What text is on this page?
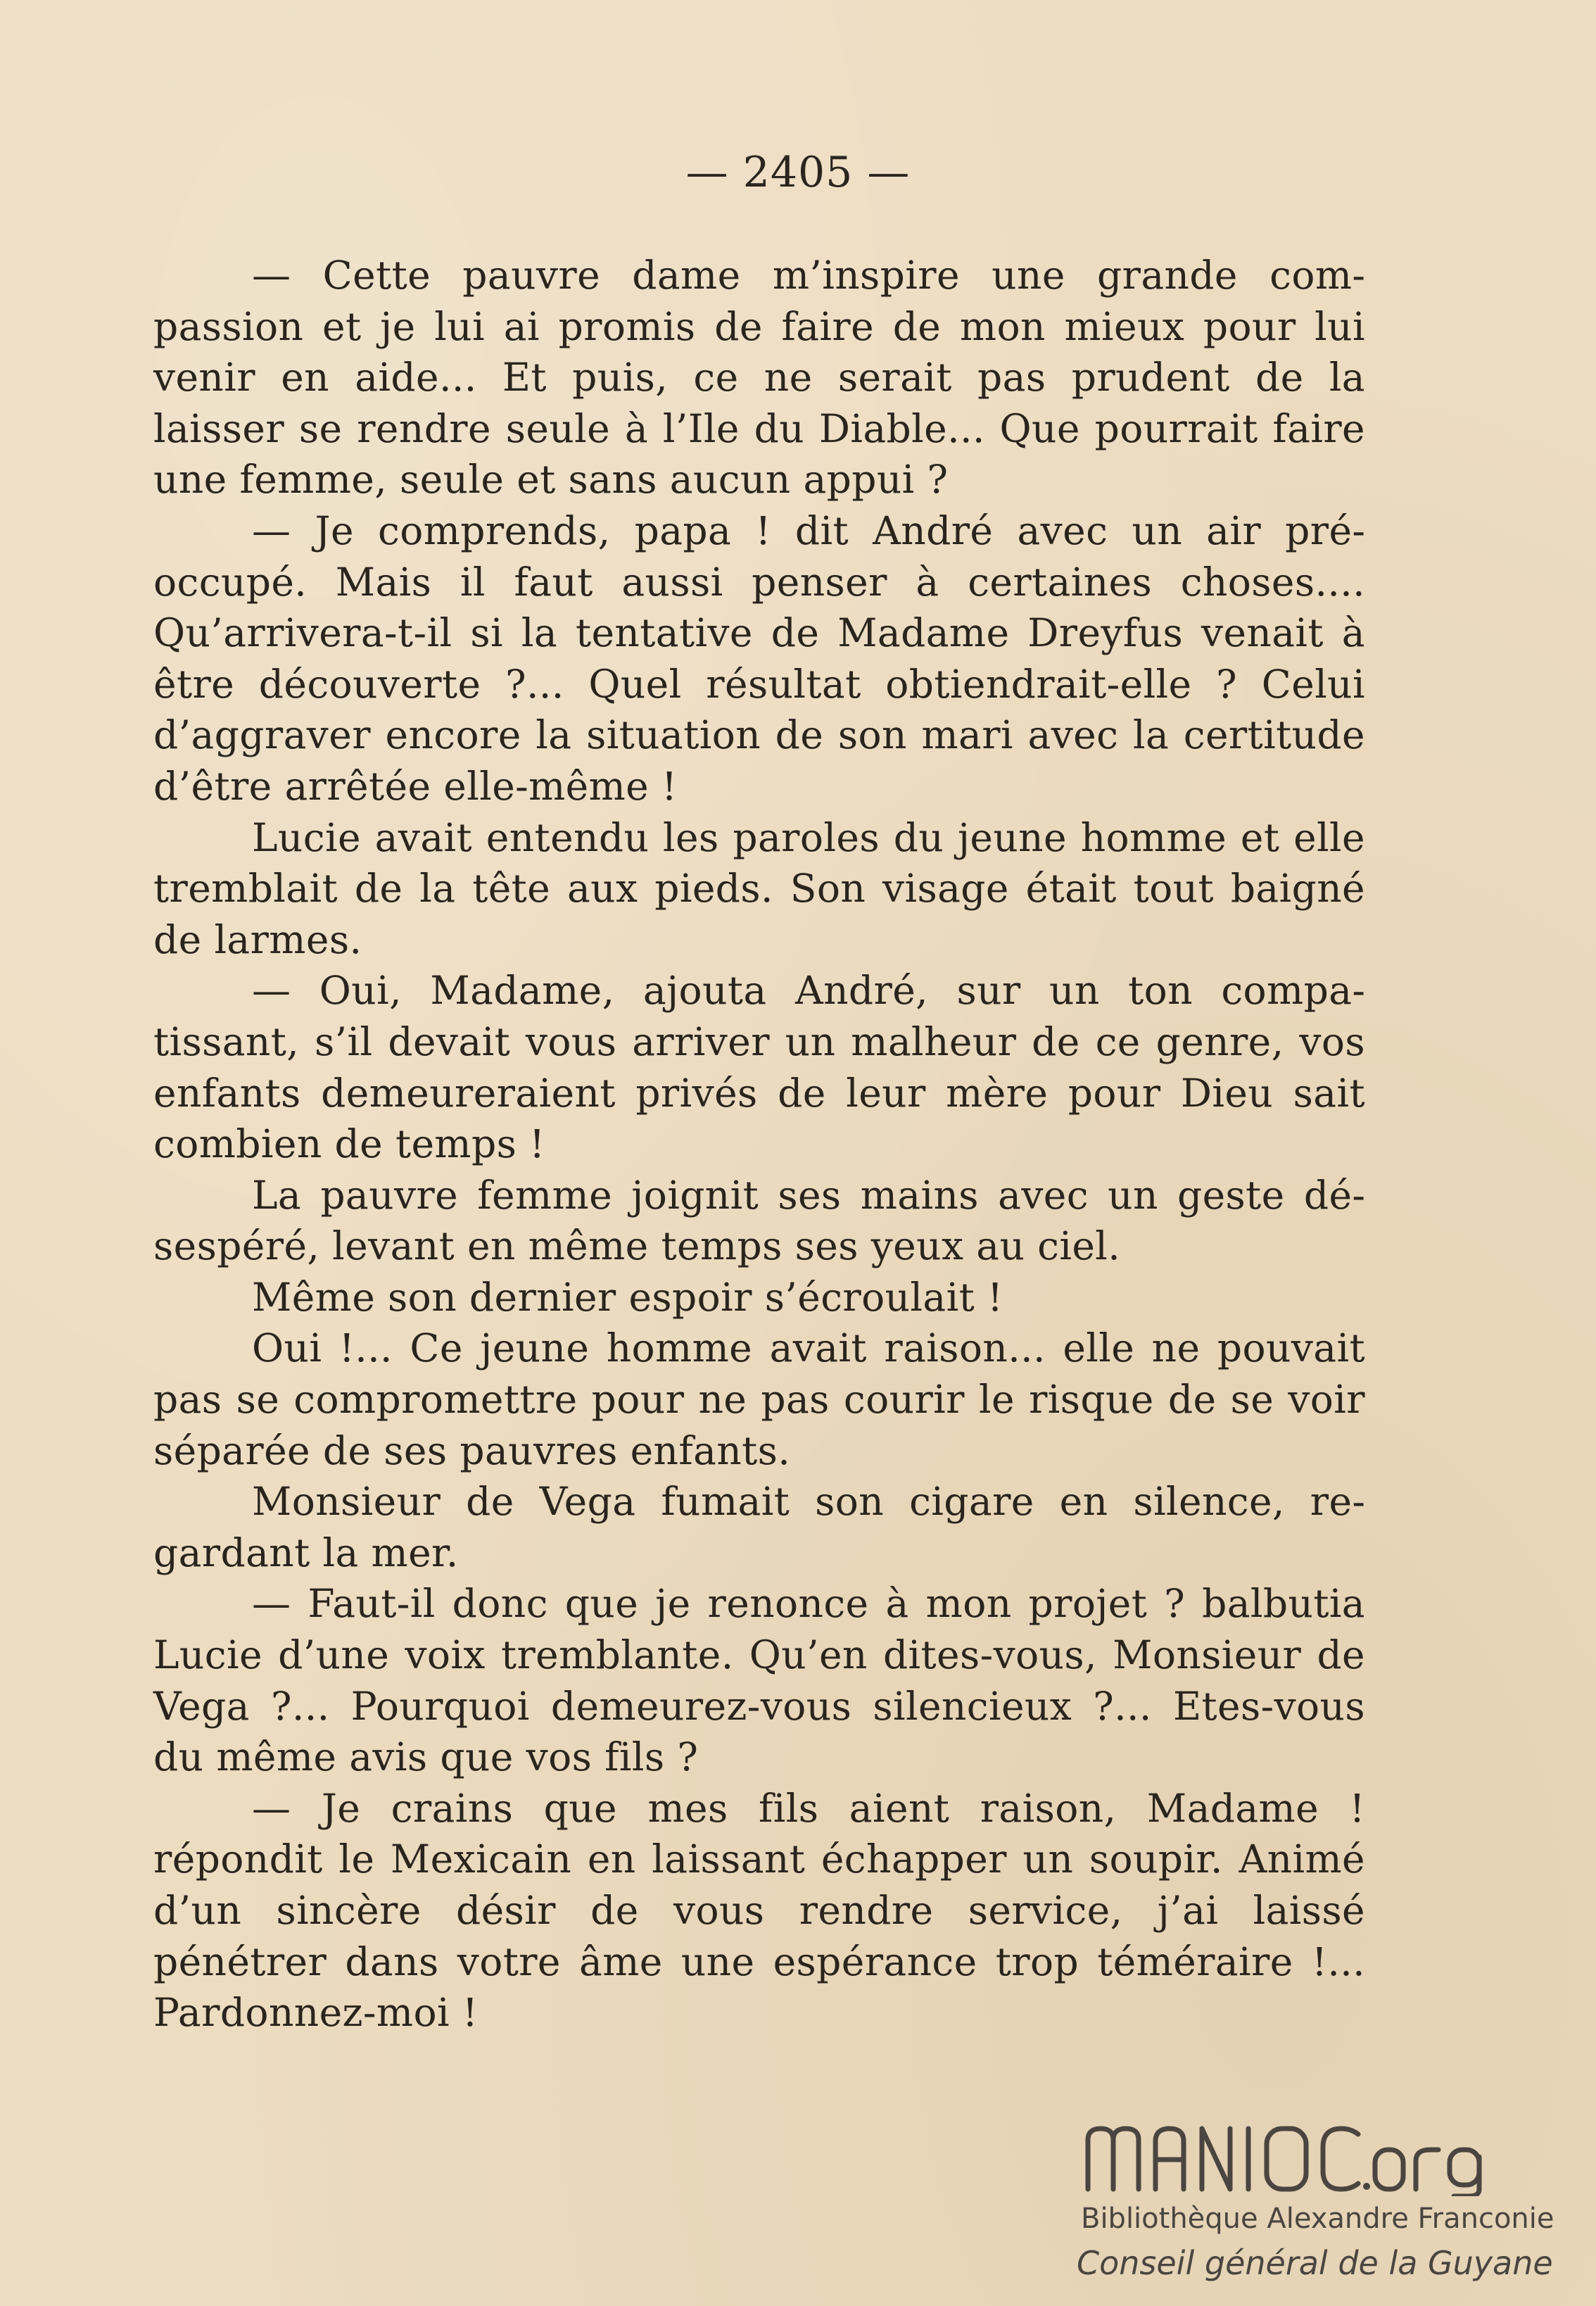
— 2405 —

— Cette pauvre dame m’inspire une grande compassion et je lui ai promis de faire de mon mieux pour lui venir en aide... Et puis, ce ne serait pas prudent de la laisser se rendre seule à l’Ile du Diable... Que pourrait faire une femme, seule et sans aucun appui ?

— Je comprends, papa ! dit André avec un air préoccupé. Mais il faut aussi penser à certaines choses.... Qu’arrivera-t-il si la tentative de Madame Dreyfus venait à être découverte ?... Quel résultat obtiendrait-elle ? Celui d’aggraver encore la situation de son mari avec la certitude d’être arrêtée elle-même !

Lucie avait entendu les paroles du jeune homme et elle tremblait de la tête aux pieds. Son visage était tout baigné de larmes.

— Oui, Madame, ajouta André, sur un ton compatissant, s’il devait vous arriver un malheur de ce genre, vos enfants demeureraient privés de leur mère pour Dieu sait combien de temps !

La pauvre femme joignit ses mains avec un geste désespéré, levant en même temps ses yeux au ciel.

Même son dernier espoir s’écroulait !

Oui !... Ce jeune homme avait raison... elle ne pouvait pas se compromettre pour ne pas courir le risque de se voir séparée de ses pauvres enfants.

Monsieur de Vega fumait son cigare en silence, regardant la mer.

— Faut-il donc que je renonce à mon projet ? balbutia Lucie d’une voix tremblante. Qu’en dites-vous, Monsieur de Vega ?... Pourquoi demeurez-vous silencieux ?... Etes-vous du même avis que vos fils ?

— Je crains que mes fils aient raison, Madame ! répondit le Mexicain en laissant échapper un soupir. Animé d’un sincère désir de vous rendre service, j’ai laissé pénétrer dans votre âme une espérance trop téméraire !... Pardonnez-moi !

Bibliothèque Alexandre Franconie
Conseil général de la Guyane
